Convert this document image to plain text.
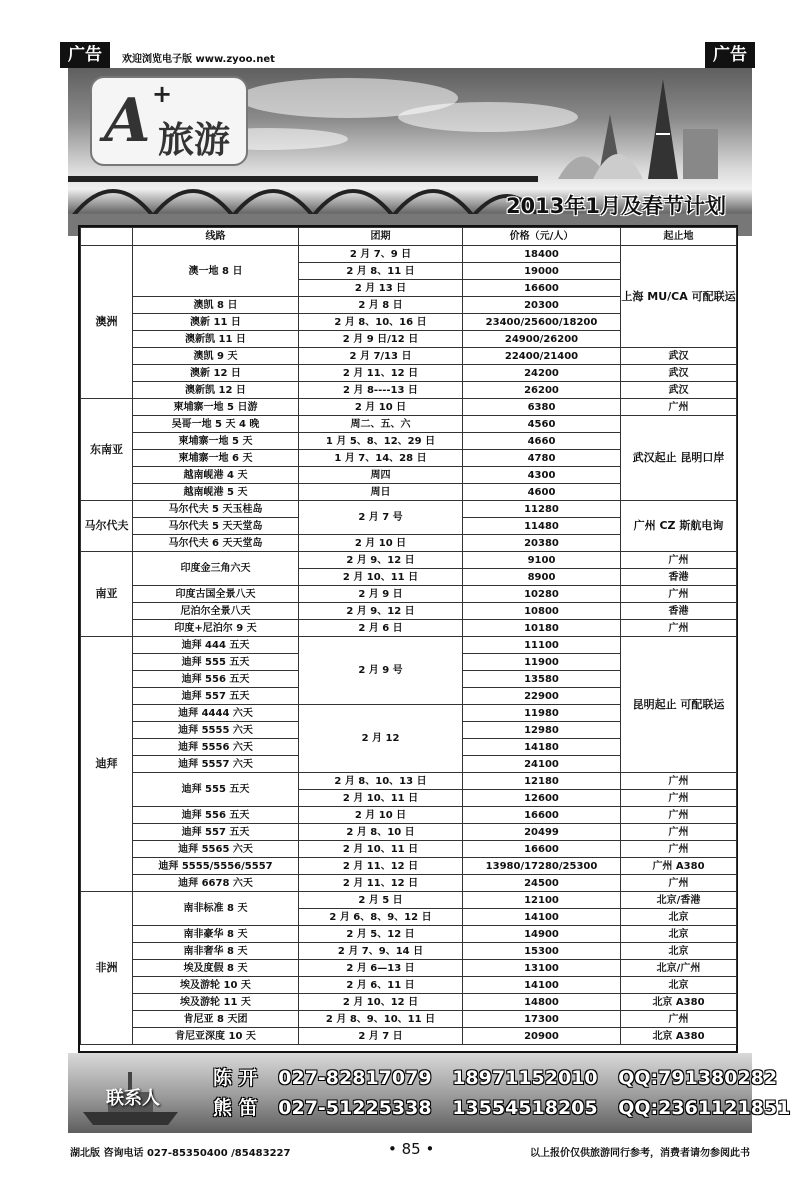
广告	欢迎浏览电子版 www.zyoo.net	广告
A +
旅游
2013年1月及春节计划
	线路	团期	价格（元/人）	起止地
澳洲	澳一地 8 日	2 月 7、9 日	18400	上海 MU/CA 可配联运
		2 月 8、11 日	19000	
		2 月 13 日	16600	
	澳凯 8 日	2 月 8 日	20300	
	澳新 11 日	2 月 8、10、16 日	23400/25600/18200	
	澳新凯 11 日	2 月 9 日/12 日	24900/26200	
	澳凯 9 天	2 月 7/13 日	22400/21400	武汉
	澳新 12 日	2 月 11、12 日	24200	武汉
	澳新凯 12 日	2 月 8----13 日	26200	武汉
东南亚	柬埔寨一地 5 日游	2 月 10 日	6380	广州
	吴哥一地 5 天 4 晚	周二、五、六	4560	武汉起止 昆明口岸
	柬埔寨一地 5 天	1 月 5、8、12、29 日	4660	
	柬埔寨一地 6 天	1 月 7、14、28 日	4780	
	越南岘港 4 天	周四	4300	
	越南岘港 5 天	周日	4600	
马尔代夫	马尔代夫 5 天玉桂岛	2 月 7 号	11280	广州 CZ 斯航电询
	马尔代夫 5 天天堂岛		11480	
	马尔代夫 6 天天堂岛	2 月 10 日	20380	
南亚	印度金三角六天	2 月 9、12 日	9100	广州
		2 月 10、11 日	8900	香港
	印度古国全景八天	2 月 9 日	10280	广州
	尼泊尔全景八天	2 月 9、12 日	10800	香港
	印度+尼泊尔 9 天	2 月 6 日	10180	广州
迪拜	迪拜 444 五天	2 月 9 号	11100	昆明起止 可配联运
	迪拜 555 五天		11900	
	迪拜 556 五天		13580	
	迪拜 557 五天		22900	
	迪拜 4444 六天	2 月 12	11980	
	迪拜 5555 六天		12980	
	迪拜 5556 六天		14180	
	迪拜 5557 六天		24100	
	迪拜 555 五天	2 月 8、10、13 日	12180	广州
		2 月 10、11 日	12600	广州
	迪拜 556 五天	2 月 10 日	16600	广州
	迪拜 557 五天	2 月 8、10 日	20499	广州
	迪拜 5565 六天	2 月 10、11 日	16600	广州
	迪拜 5555/5556/5557	2 月 11、12 日	13980/17280/25300	广州 A380
	迪拜 6678 六天	2 月 11、12 日	24500	广州
非洲	南非标准 8 天	2 月 5 日	12100	北京/香港
		2 月 6、8、9、12 日	14100	北京
	南非豪华 8 天	2 月 5、12 日	14900	北京
	南非奢华 8 天	2 月 7、9、14 日	15300	北京
	埃及度假 8 天	2 月 6—13 日	13100	北京/广州
	埃及游轮 10 天	2 月 6、11 日	14100	北京
	埃及游轮 11 天	2 月 10、12 日	14800	北京 A380
	肯尼亚 8 天团	2 月 8、9、10、11 日	17300	广州
	肯尼亚深度 10 天	2 月 7 日	20900	北京 A380
联系人
陈 开 027-82817079 18971152010 QQ:791380282
熊 笛 027-51225338 13554518205 QQ:2361121851
湖北版 咨询电话 027-85350400 /85483227	• 85 •	以上报价仅供旅游同行参考，消费者请勿参阅此书
